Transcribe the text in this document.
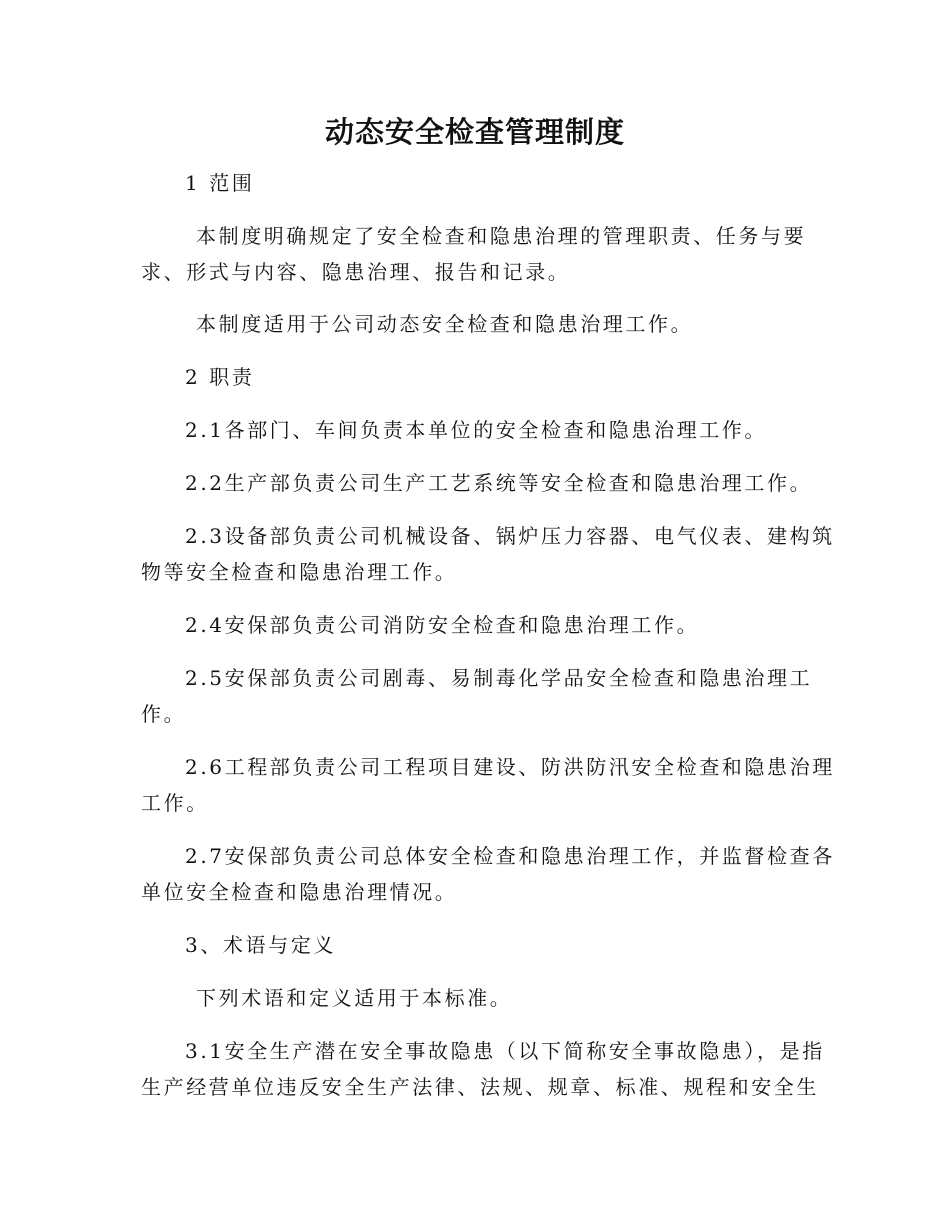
动态安全检查管理制度
1 范围
本制度明确规定了安全检查和隐患治理的管理职责、任务与要
求、形式与内容、隐患治理、报告和记录。
本制度适用于公司动态安全检查和隐患治理工作。
2 职责
2.1各部门、车间负责本单位的安全检查和隐患治理工作。
2.2生产部负责公司生产工艺系统等安全检查和隐患治理工作。
2.3设备部负责公司机械设备、锅炉压力容器、电气仪表、建构筑
物等安全检查和隐患治理工作。
2.4安保部负责公司消防安全检查和隐患治理工作。
2.5安保部负责公司剧毒、易制毒化学品安全检查和隐患治理工
作。
2.6工程部负责公司工程项目建设、防洪防汛安全检查和隐患治理
工作。
2.7安保部负责公司总体安全检查和隐患治理工作，并监督检查各
单位安全检查和隐患治理情况。
3、术语与定义
下列术语和定义适用于本标准。
3.1安全生产潜在安全事故隐患（以下简称安全事故隐患），是指
生产经营单位违反安全生产法律、法规、规章、标准、规程和安全生
